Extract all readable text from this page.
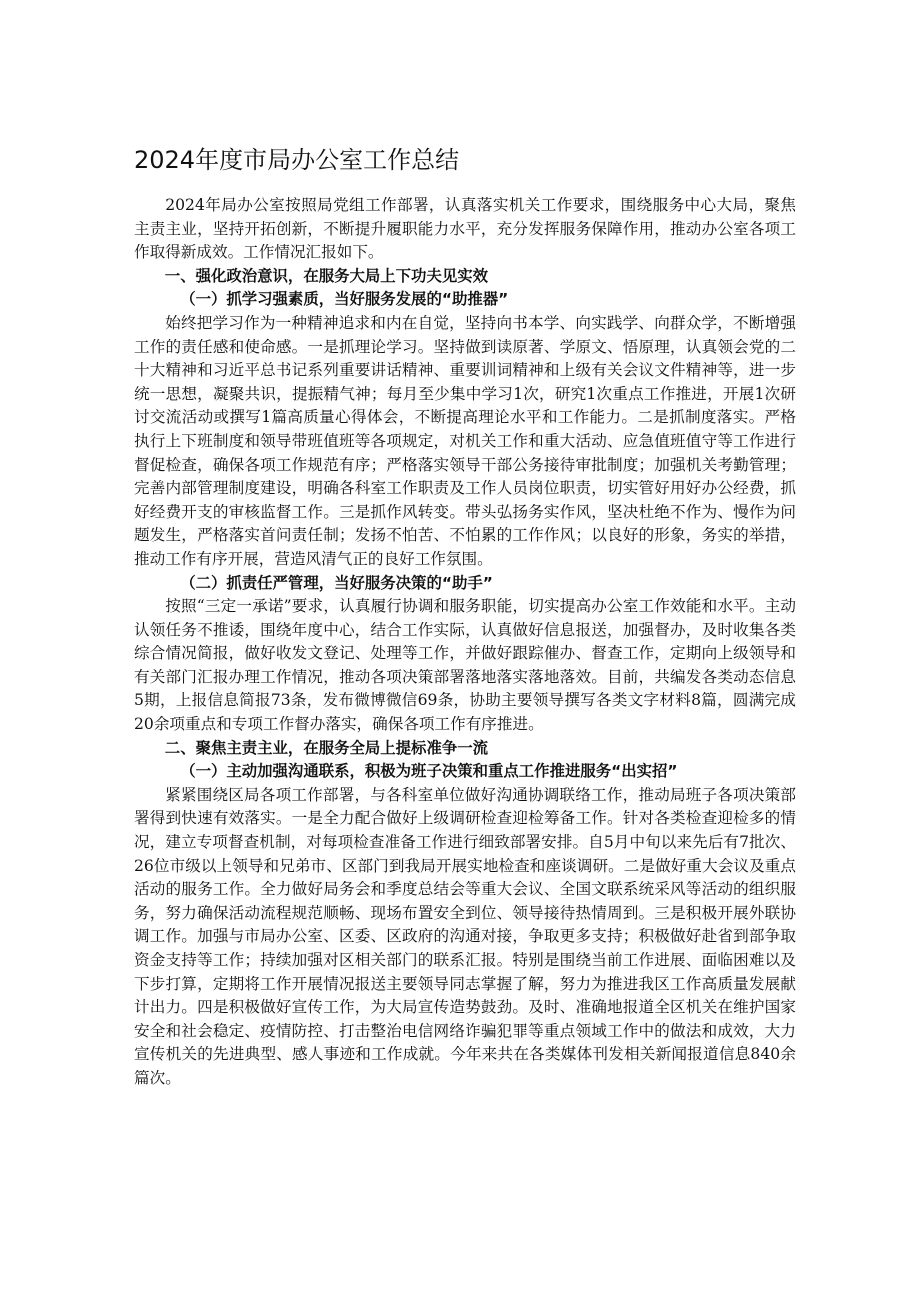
2024年度市局办公室工作总结

2024年局办公室按照局党组工作部署，认真落实机关工作要求，围绕服务中心大局，聚焦主责主业，坚持开拓创新，不断提升履职能力水平，充分发挥服务保障作用，推动办公室各项工作取得新成效。工作情况汇报如下。

一、强化政治意识，在服务大局上下功夫见实效

（一）抓学习强素质，当好服务发展的“助推器”

始终把学习作为一种精神追求和内在自觉，坚持向书本学、向实践学、向群众学，不断增强工作的责任感和使命感。一是抓理论学习。坚持做到读原著、学原文、悟原理，认真领会党的二十大精神和习近平总书记系列重要讲话精神、重要训词精神和上级有关会议文件精神等，进一步统一思想，凝聚共识，提振精气神；每月至少集中学习1次，研究1次重点工作推进，开展1次研讨交流活动或撰写1篇高质量心得体会，不断提高理论水平和工作能力。二是抓制度落实。严格执行上下班制度和领导带班值班等各项规定，对机关工作和重大活动、应急值班值守等工作进行督促检查，确保各项工作规范有序；严格落实领导干部公务接待审批制度；加强机关考勤管理；完善内部管理制度建设，明确各科室工作职责及工作人员岗位职责，切实管好用好办公经费，抓好经费开支的审核监督工作。三是抓作风转变。带头弘扬务实作风，坚决杜绝不作为、慢作为问题发生，严格落实首问责任制；发扬不怕苦、不怕累的工作作风；以良好的形象，务实的举措，推动工作有序开展，营造风清气正的良好工作氛围。

（二）抓责任严管理，当好服务决策的“助手”

按照“三定一承诺”要求，认真履行协调和服务职能，切实提高办公室工作效能和水平。主动认领任务不推诿，围绕年度中心，结合工作实际，认真做好信息报送，加强督办，及时收集各类综合情况简报，做好收发文登记、处理等工作，并做好跟踪催办、督查工作，定期向上级领导和有关部门汇报办理工作情况，推动各项决策部署落地落实落地落效。目前，共编发各类动态信息5期，上报信息简报73条，发布微博微信69条，协助主要领导撰写各类文字材料8篇，圆满完成20余项重点和专项工作督办落实，确保各项工作有序推进。

二、聚焦主责主业，在服务全局上提标准争一流

（一）主动加强沟通联系，积极为班子决策和重点工作推进服务“出实招”

紧紧围绕区局各项工作部署，与各科室单位做好沟通协调联络工作，推动局班子各项决策部署得到快速有效落实。一是全力配合做好上级调研检查迎检筹备工作。针对各类检查迎检多的情况，建立专项督查机制，对每项检查准备工作进行细致部署安排。自5月中旬以来先后有7批次、26位市级以上领导和兄弟市、区部门到我局开展实地检查和座谈调研。二是做好重大会议及重点活动的服务工作。全力做好局务会和季度总结会等重大会议、全国文联系统采风等活动的组织服务，努力确保活动流程规范顺畅、现场布置安全到位、领导接待热情周到。三是积极开展外联协调工作。加强与市局办公室、区委、区政府的沟通对接，争取更多支持；积极做好赴省到部争取资金支持等工作；持续加强对区相关部门的联系汇报。特别是围绕当前工作进展、面临困难以及下步打算，定期将工作开展情况报送主要领导同志掌握了解，努力为推进我区工作高质量发展献计出力。四是积极做好宣传工作，为大局宣传造势鼓劲。及时、准确地报道全区机关在维护国家安全和社会稳定、疫情防控、打击整治电信网络诈骗犯罪等重点领域工作中的做法和成效，大力宣传机关的先进典型、感人事迹和工作成就。今年来共在各类媒体刊发相关新闻报道信息840余篇次。
